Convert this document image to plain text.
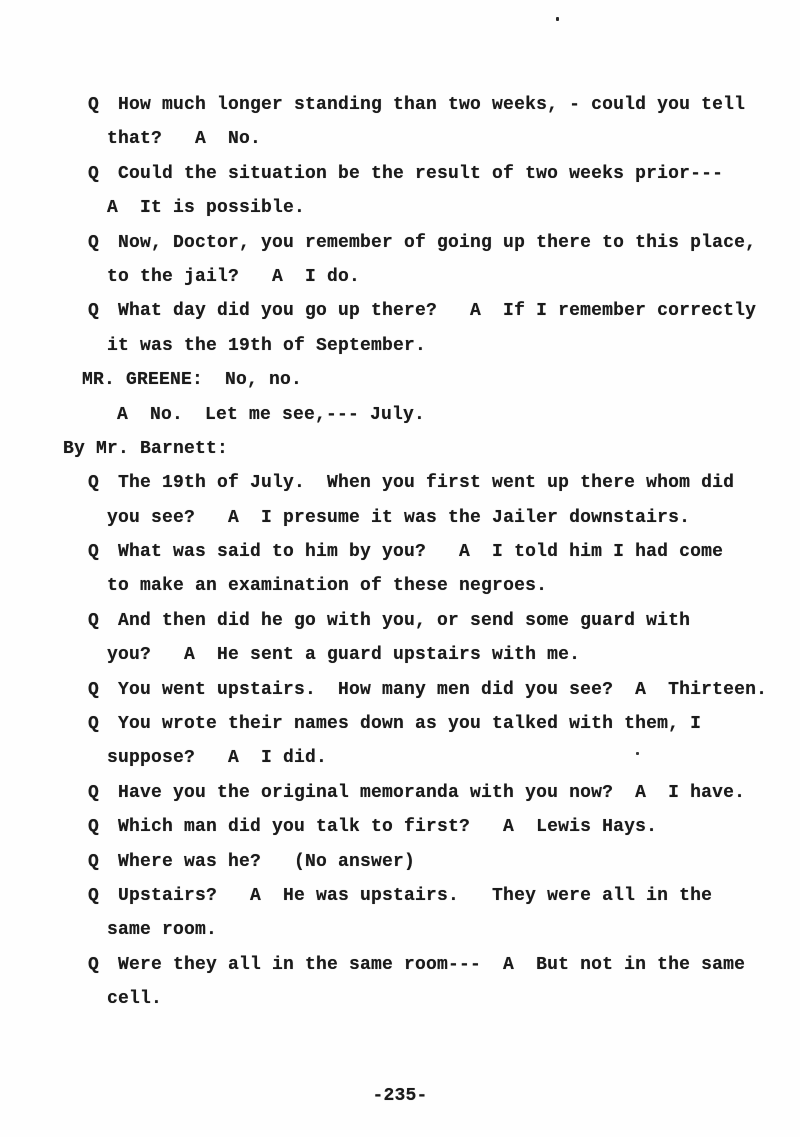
Q How much longer standing than two weeks, - could you tell
that?   A  No.
Q Could the situation be the result of two weeks prior---
A  It is possible.
Q Now, Doctor, you remember of going up there to this place,
to the jail?   A  I do.
Q What day did you go up there?   A  If I remember correctly
it was the 19th of September.
MR. GREENE:  No, no.
A  No.  Let me see,--- July.
By Mr. Barnett:
Q The 19th of July.  When you first went up there whom did
you see?   A  I presume it was the Jailer downstairs.
Q What was said to him by you?   A  I told him I had come
to make an examination of these negroes.
Q And then did he go with you, or send some guard with
you?   A  He sent a guard upstairs with me.
Q You went upstairs.  How many men did you see?  A  Thirteen.
Q You wrote their names down as you talked with them, I
suppose?   A  I did.
Q Have you the original memoranda with you now?  A  I have.
Q Which man did you talk to first?   A  Lewis Hays.
Q Where was he?   (No answer)
Q Upstairs?   A  He was upstairs.   They were all in the
same room.
Q Were they all in the same room---  A  But not in the same
cell.
-235-
